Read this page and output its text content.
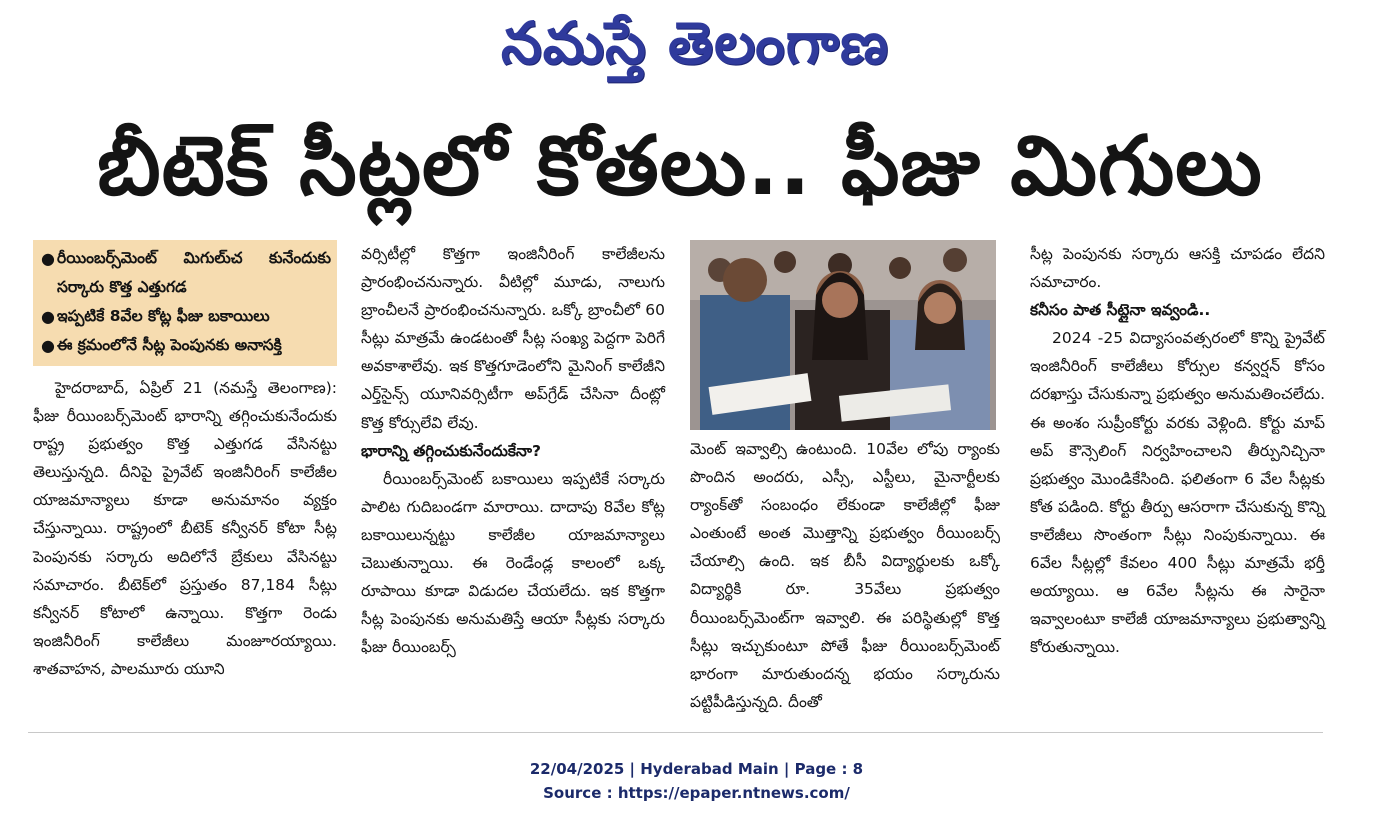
నమస్తే తెలంగాణ
బీటెక్ సీట్లలో కోతలు.. ఫీజు మిగులు
● రీయింబర్స్‌మెంట్ మిగులు్చ కునేందుకు సర్కారు కొత్త ఎత్తుగడ
● ఇప్పటికే 8వేల కోట్ల ఫీజు బకాయిలు
● ఈ క్రమంలోనే సీట్ల పెంపునకు అనాసక్తి

హైదరాబాద్, ఏప్రిల్ 21 (నమస్తే తెలంగాణ): ఫీజు రీయింబర్స్‌మెంట్ భారాన్ని తగ్గించుకునేందుకు రాష్ట్ర ప్రభుత్వం కొత్త ఎత్తుగడ వేసినట్టు తెలుస్తున్నది. దీనిపై ప్రైవేట్ ఇంజినీరింగ్ కాలేజీల యాజమాన్యాలు కూడా అనుమానం వ్యక్తం చేస్తున్నాయి. రాష్ట్రంలో బీటెక్ కన్వీనర్ కోటా సీట్ల పెంపునకు సర్కారు అదిలోనే బ్రేకులు వేసినట్టు సమాచారం. బీటెక్‌లో ప్రస్తుతం 87,184 సీట్లు కన్వీనర్ కోటాలో ఉన్నాయి. కొత్తగా రెండు ఇంజినీరింగ్ కాలేజీలు మంజూరయ్యాయి. శాతవాహన, పాలమూరు యూని

వర్సిటీల్లో కొత్తగా ఇంజినీరింగ్ కాలేజీలను ప్రారంభించనున్నారు. వీటిల్లో మూడు, నాలుగు బ్రాంచీలనే ప్రారంభించనున్నారు. ఒక్కో బ్రాంచీలో 60 సీట్లు మాత్రమే ఉండటంతో సీట్ల సంఖ్య పెద్దగా పెరిగే అవకాశాలేవు. ఇక కొత్తగూడెంలోని మైనింగ్ కాలేజీని ఎర్త్‌సైన్స్ యూనివర్సిటీగా అప్‌గ్రేడ్ చేసినా దీంట్లో కొత్త కోర్సులేవి లేవు.

భారాన్ని తగ్గించుకునేందుకేనా?

రీయింబర్స్‌మెంట్ బకాయిలు ఇప్పటికే సర్కారు పాలిట గుదిబండగా మారాయి. దాదాపు 8వేల కోట్ల బకాయిలున్నట్టు కాలేజీల యాజమాన్యాలు చెబుతున్నాయి. ఈ రెండేండ్ల కాలంలో ఒక్క రూపాయి కూడా విడుదల చేయలేదు. ఇక కొత్తగా సీట్ల పెంపునకు అనుమతిస్తే ఆయా సీట్లకు సర్కారు ఫీజు రీయింబర్స్

మెంట్ ఇవ్వాల్సి ఉంటుంది. 10వేల లోపు ర్యాంకు పొందిన అందరు, ఎస్సీ, ఎస్టీలు, మైనార్టీలకు ర్యాంక్‌తో సంబంధం లేకుండా కాలేజీల్లో ఫీజు ఎంతుంటే అంత మొత్తాన్ని ప్రభుత్వం రీయింబర్స్ చేయాల్సి ఉంది. ఇక బీసీ విద్యార్థులకు ఒక్కో విద్యార్థికి రూ. 35వేలు ప్రభుత్వం రీయింబర్స్‌మెంట్‌గా ఇవ్వాలి. ఈ పరిస్థితుల్లో కొత్త సీట్లు ఇచ్చుకుంటూ పోతే ఫీజు రీయింబర్స్‌మెంట్ భారంగా మారుతుందన్న భయం సర్కారును పట్టిపీడిస్తున్నది. దీంతో

సీట్ల పెంపునకు సర్కారు ఆసక్తి చూపడం లేదని సమాచారం.

కనీసం పాత సీట్లైనా ఇవ్వండి..

2024 -25 విద్యాసంవత్సరంలో కొన్ని ప్రైవేట్ ఇంజినీరింగ్ కాలేజీలు కోర్సుల కన్వర్షన్ కోసం దరఖాస్తు చేసుకున్నా ప్రభుత్వం అనుమతించలేదు. ఈ అంశం సుప్రీంకోర్టు వరకు వెళ్లింది. కోర్టు మాప్ అప్ కౌన్సెలింగ్ నిర్వహించాలని తీర్పునిచ్చినా ప్రభుత్వం మొండికేసింది. ఫలితంగా 6 వేల సీట్లకు కోత పడింది. కోర్టు తీర్పు ఆసరాగా చేసుకున్న కొన్ని కాలేజీలు సొంతంగా సీట్లు నింపుకున్నాయి. ఈ 6వేల సీట్లల్లో కేవలం 400 సీట్లు మాత్రమే భర్తీ అయ్యాయి. ఆ 6వేల సీట్లను ఈ సారైనా ఇవ్వాలంటూ కాలేజీ యాజమాన్యాలు ప్రభుత్వాన్ని కోరుతున్నాయి.

22/04/2025 | Hyderabad Main | Page : 8
Source : https://epaper.ntnews.com/
